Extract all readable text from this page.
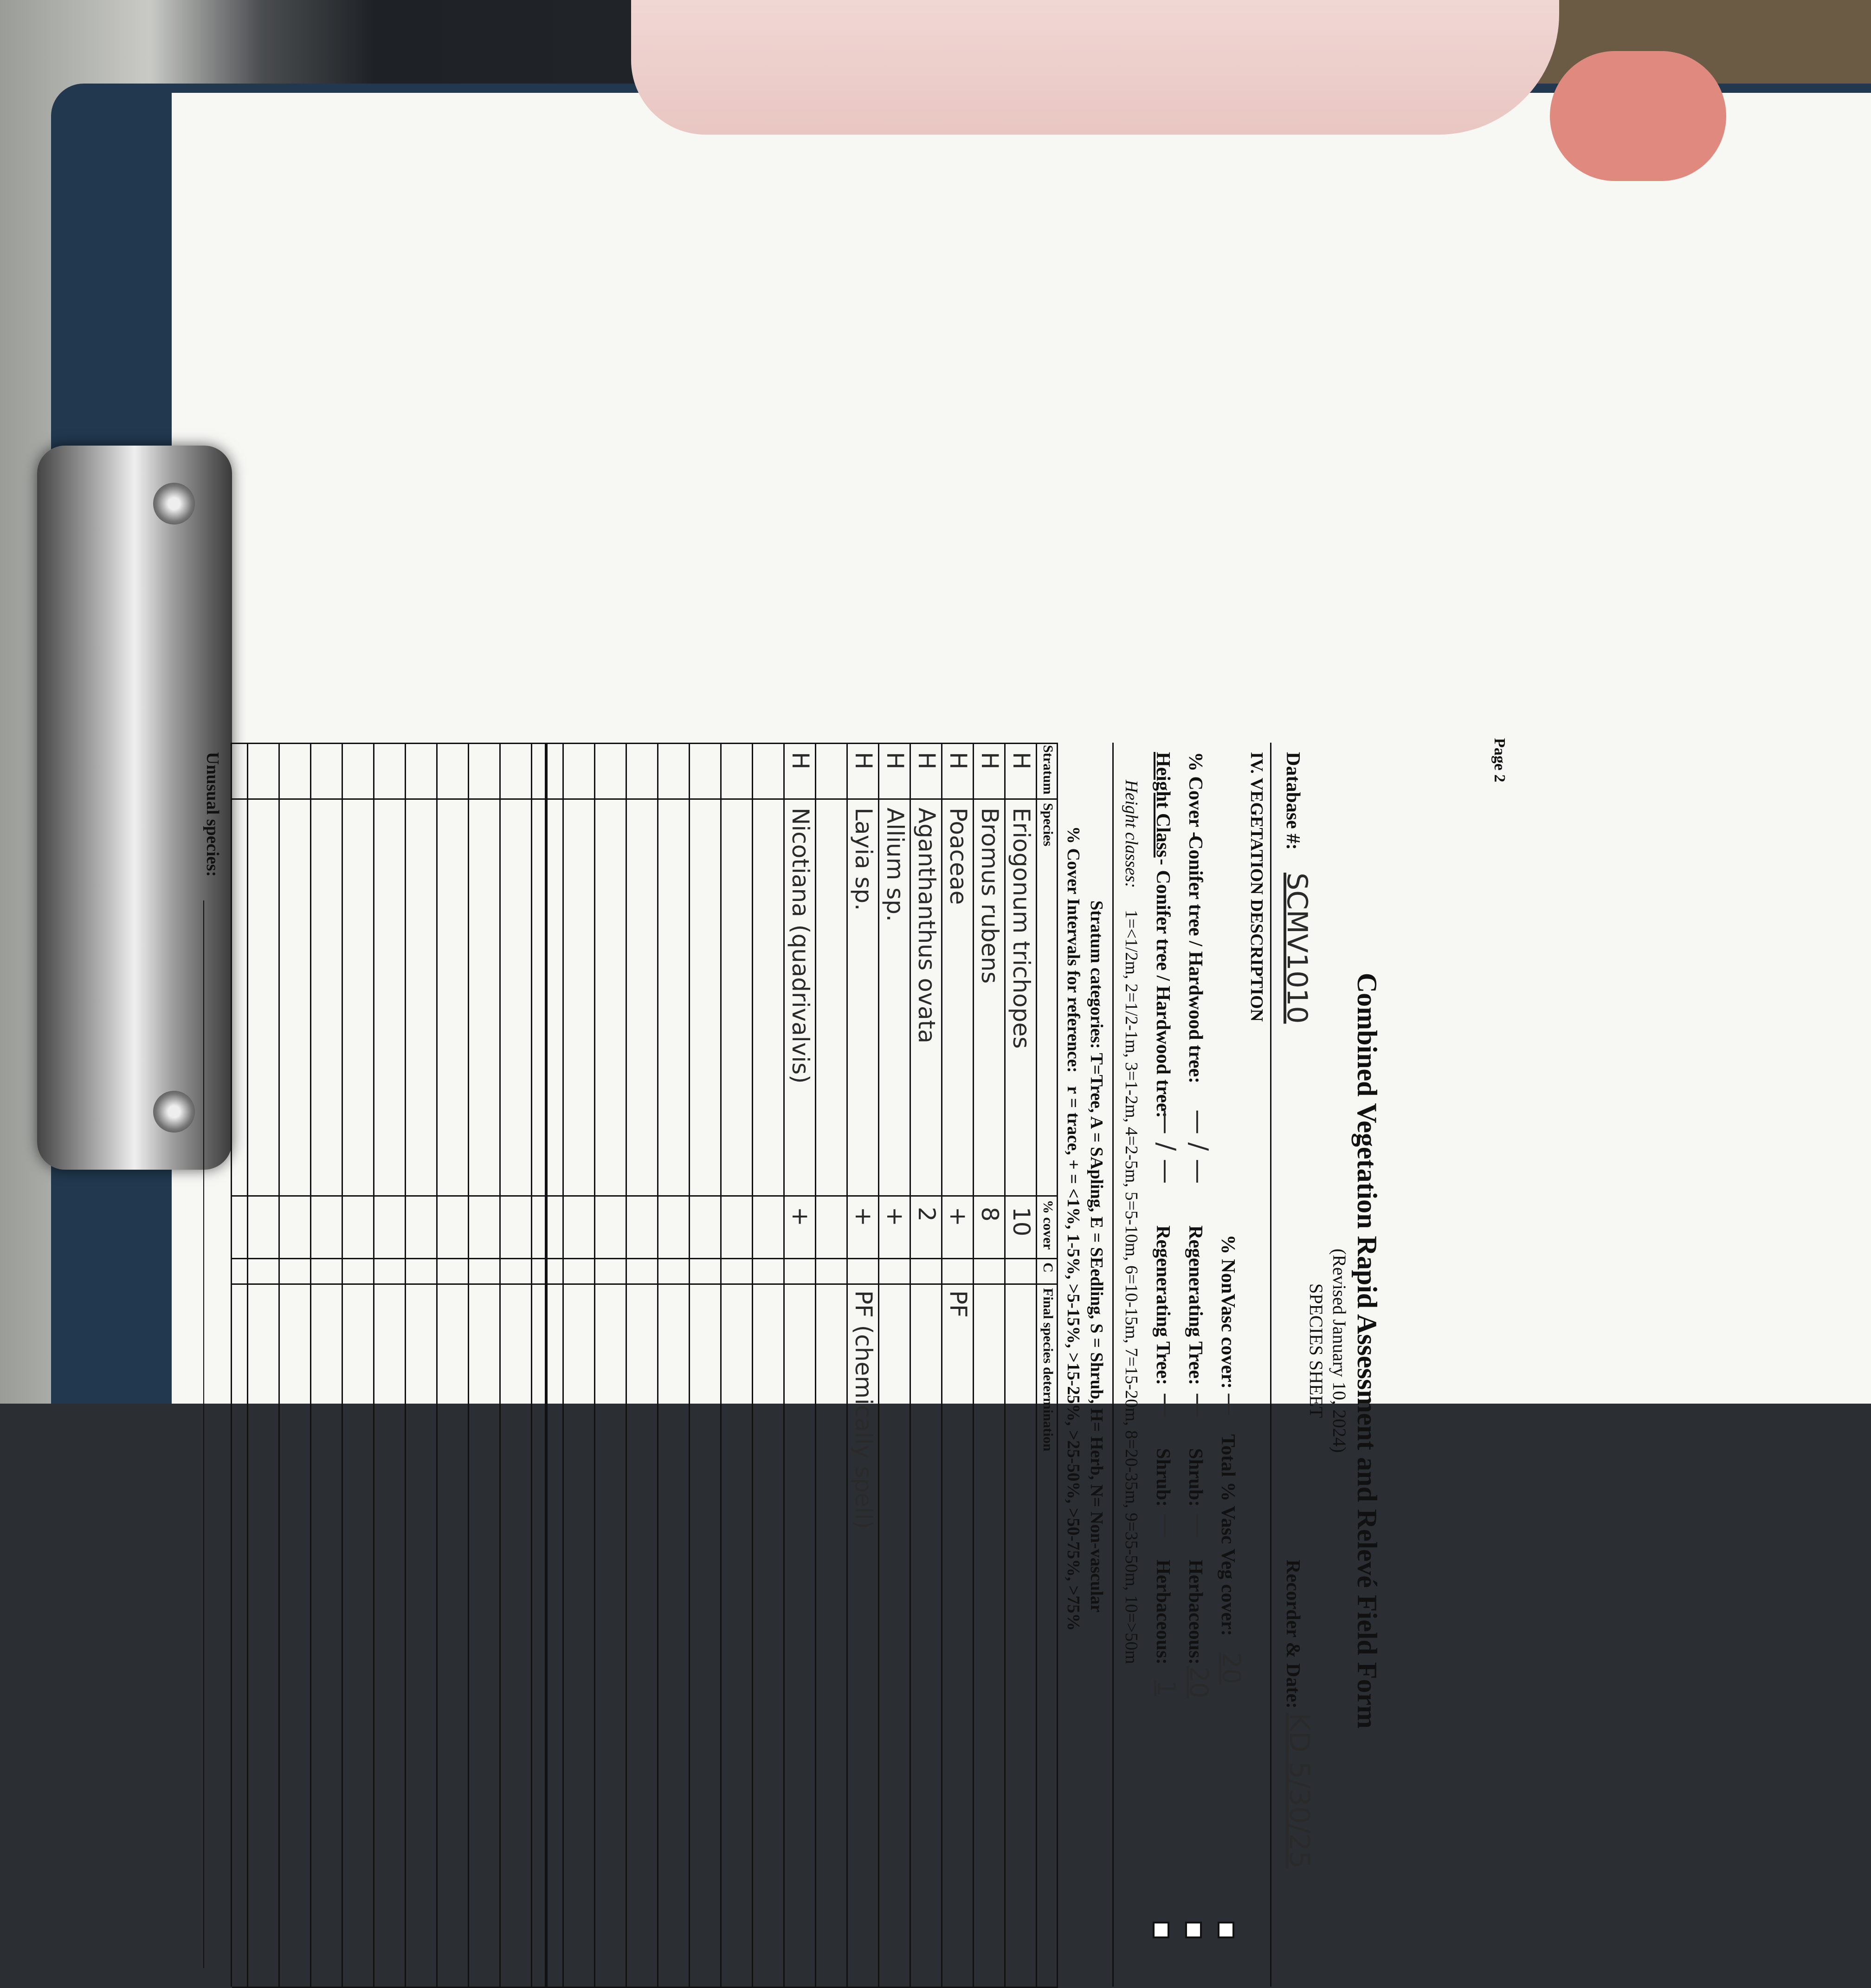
Combined Vegetation Rapid Assessment and Relevé Field Form
(Revised January 10, 2024)
SPECIES SHEET
Database #:
SCMV1010
Recorder & Date:
KD 5/30/25
IV. VEGETATION DESCRIPTION
% NonVasc cover:
—
Total % Vasc Veg cover:
20
% Cover -
Conifer tree / Hardwood tree:
— / —
Regenerating Tree:
—
Shrub:
—
Herbaceous:
20
Height Class
- Conifer tree / Hardwood tree:
— / —
Regenerating Tree:
—
Shrub:
—
Herbaceous:
1
Height classes:
1=<1/2m, 2=1/2-1m, 3=1-2m, 4=2-5m, 5=5-10m, 6=10-15m, 7=15-20m, 8=20-35m, 9=35-50m, 10=>50m
Stratum categories: T=Tree, A = SApling, E = SEedling, S = Shrub, H= Herb, N= Non-vascular
% Cover Intervals for reference:
r = trace, + = <1%, 1-5%, >5-15%, >15-25%, >25-50%, >50-75%, >75%
Stratum
Species
% cover
C
Final species determination
H
Eriogonum trichopes
10
H
Bromus rubens
8
H
Poaceae
+
PF
H
Aganthanthus ovata
2
H
Allium sp.
+
H
Layia sp.
+
PF (chemically spell)
H
Nicotiana (quadrivalvis)
+
Unusual species:	Page 2
